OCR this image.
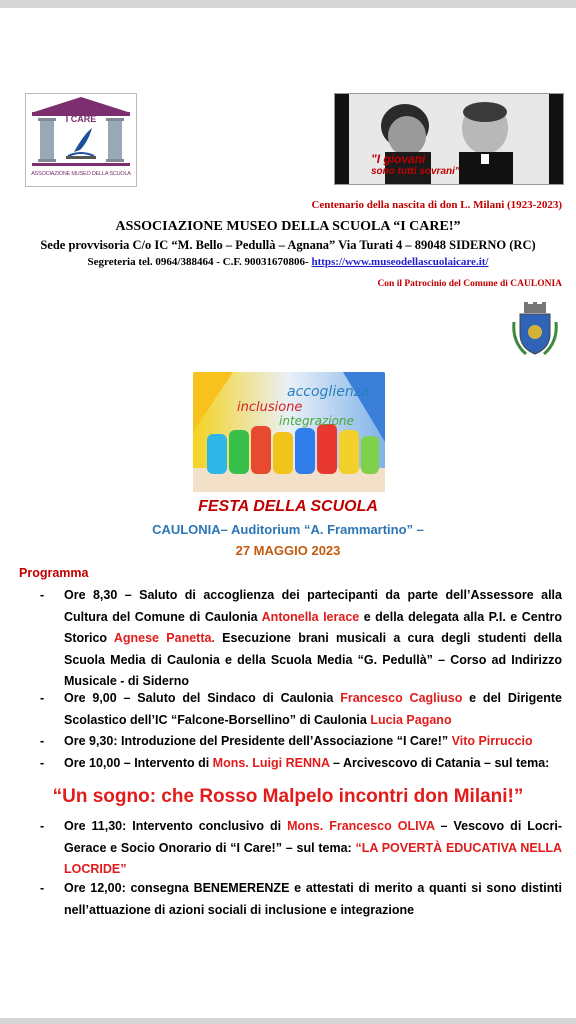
I CARE
ASSOCIAZIONE MUSEO DELLA SCUOLA
"I giovani
sono tutti sovrani"
Centenario della nascita di don L. Milani (1923-2023)
ASSOCIAZIONE MUSEO DELLA SCUOLA “I CARE!”
Sede provvisoria C/o IC “M. Bello – Pedullà – Agnana” Via Turati 4 – 89048 SIDERNO (RC)
Segreteria tel. 0964/388464 - C.F. 90031670806- https://www.museodellascuolaicare.it/
Con il Patrocinio del Comune di CAULONIA
accoglienza
inclusione
integrazione
FESTA DELLA SCUOLA
CAULONIA– Auditorium “A. Frammartino” –
27 MAGGIO 2023
Programma
- Ore 8,30 – Saluto di accoglienza dei partecipanti da parte dell’Assessore alla Cultura del Comune di Caulonia Antonella Ierace e della delegata alla P.I. e Centro Storico Agnese Panetta. Esecuzione brani musicali a cura degli studenti della Scuola Media di Caulonia e della Scuola Media “G. Pedullà” – Corso ad Indirizzo Musicale - di Siderno
- Ore 9,00 – Saluto del Sindaco di Caulonia Francesco Cagliuso e del Dirigente Scolastico dell’IC “Falcone-Borsellino” di Caulonia Lucia Pagano
- Ore 9,30: Introduzione del Presidente dell’Associazione “I Care!” Vito Pirruccio
- Ore 10,00 – Intervento di Mons. Luigi RENNA – Arcivescovo di Catania – sul tema:
“Un sogno: che Rosso Malpelo incontri don Milani!”
- Ore 11,30: Intervento conclusivo di Mons. Francesco OLIVA – Vescovo di Locri-Gerace e Socio Onorario di “I Care!” – sul tema: “LA POVERTÀ EDUCATIVA NELLA LOCRIDE”
- Ore 12,00: consegna BENEMERENZE e attestati di merito a quanti si sono distinti nell’attuazione di azioni sociali di inclusione e integrazione
